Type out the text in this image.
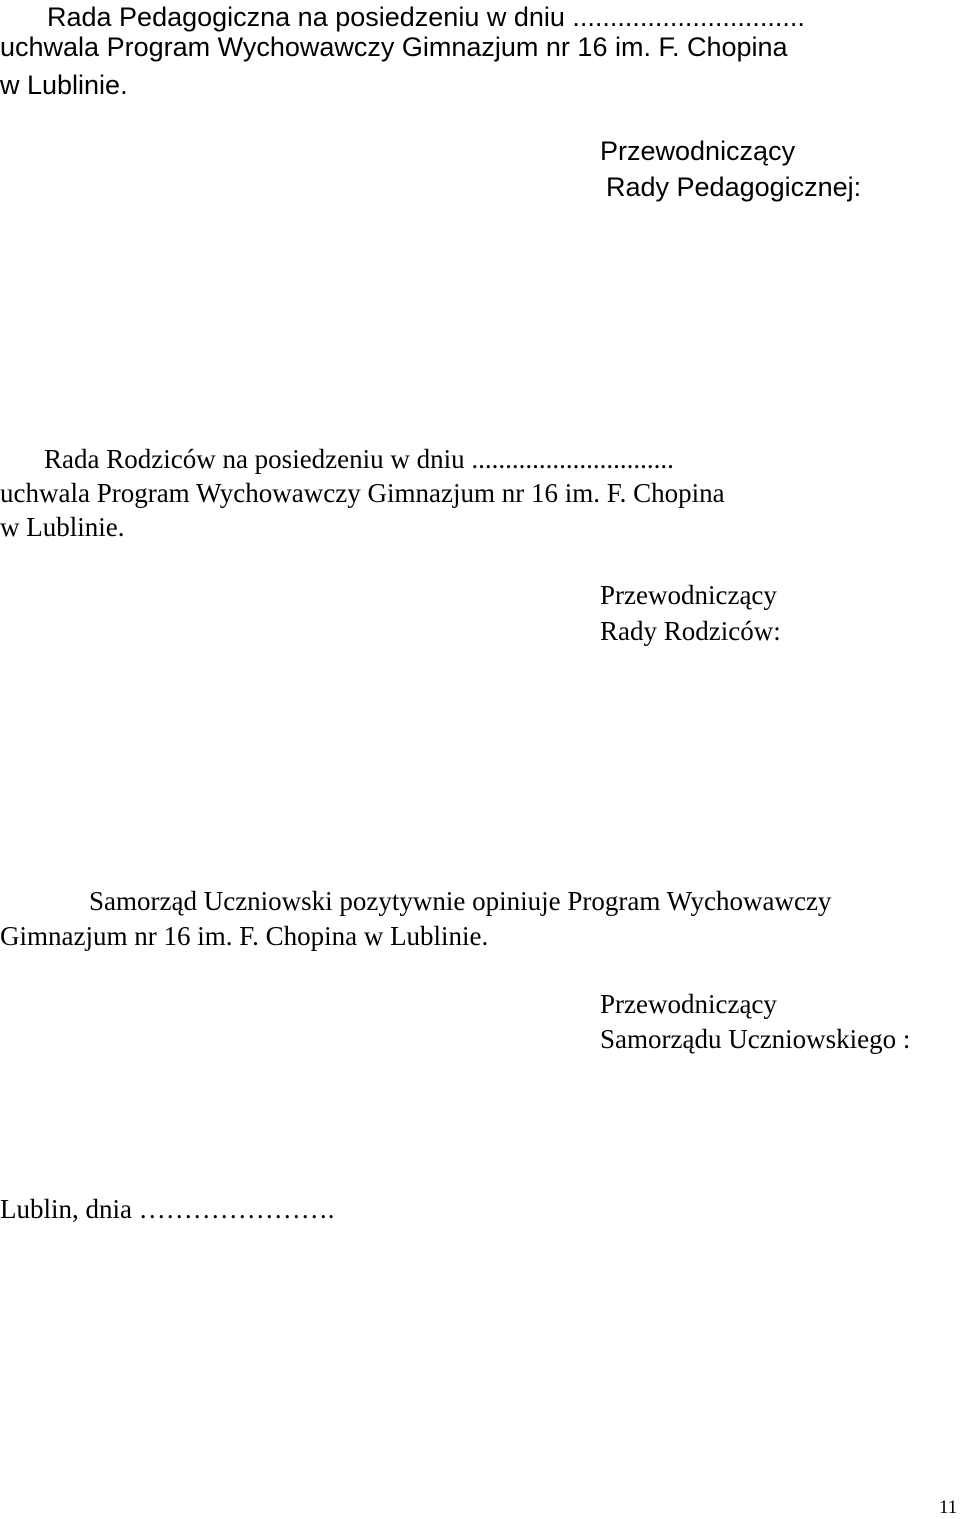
Rada Pedagogiczna na posiedzeniu w dniu ...............................
uchwala Program Wychowawczy Gimnazjum nr 16 im. F. Chopina
w Lublinie.
Przewodniczący
Rady Pedagogicznej:
Rada Rodziców na posiedzeniu w dniu ..............................
uchwala Program Wychowawczy Gimnazjum nr 16 im. F. Chopina
w Lublinie.
Przewodniczący
Rady Rodziców:
Samorząd Uczniowski pozytywnie opiniuje Program Wychowawczy
Gimnazjum nr 16 im. F. Chopina w Lublinie.
Przewodniczący
Samorządu Uczniowskiego :
Lublin, dnia ………………….
11
